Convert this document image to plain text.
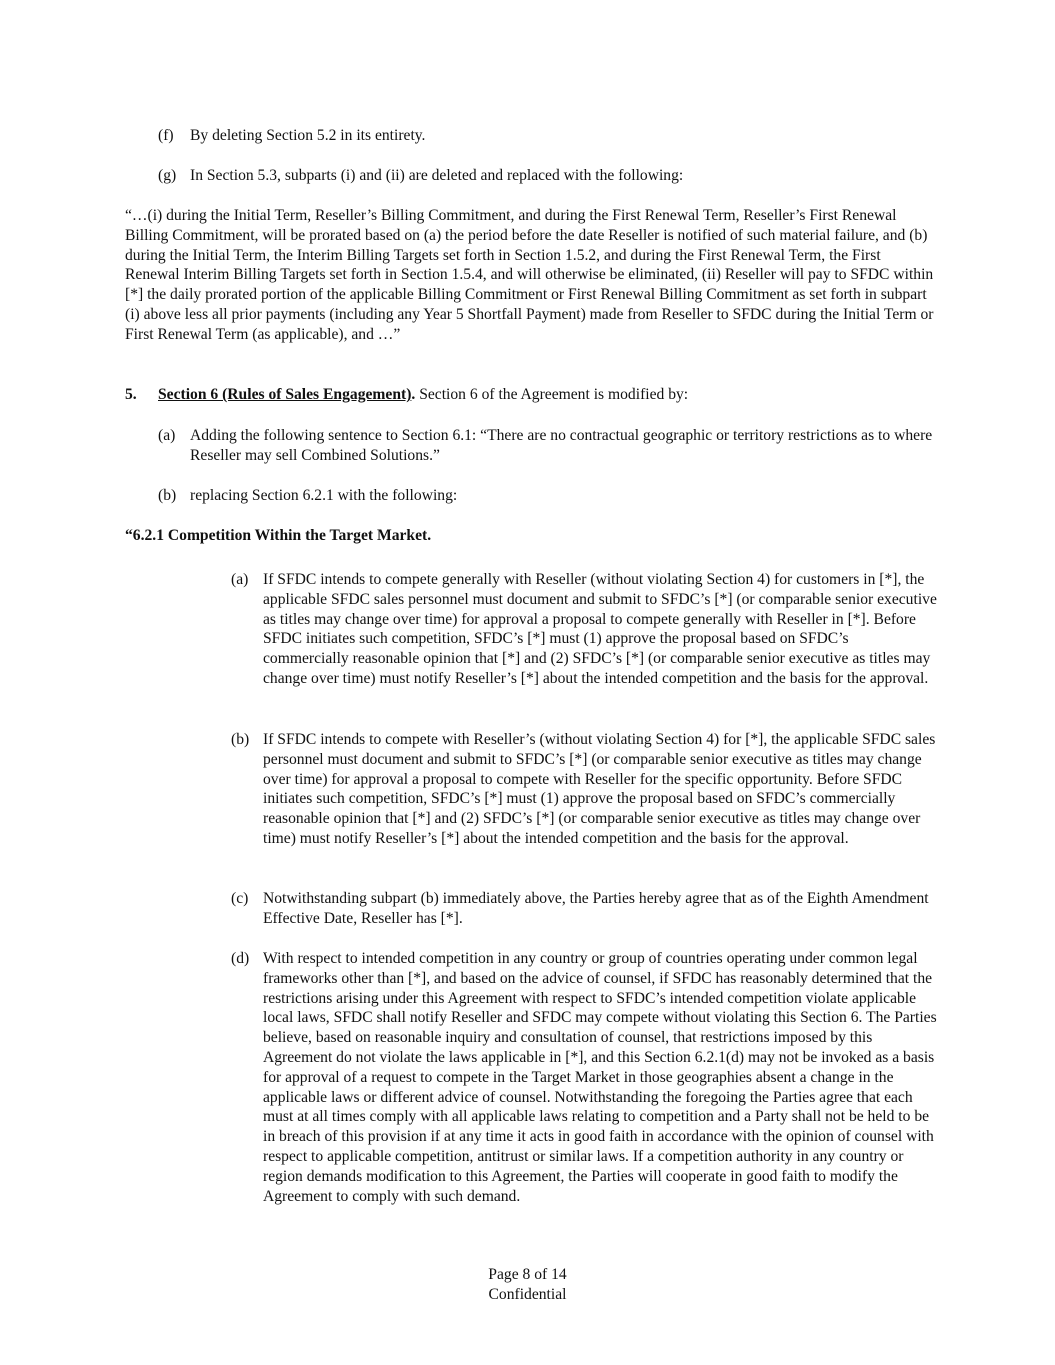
(f)	By deleting Section 5.2 in its entirety.
(g) In Section 5.3, subparts (i) and (ii) are deleted and replaced with the following:

“…(i) during the Initial Term, Reseller’s Billing Commitment, and during the First Renewal Term, Reseller’s First Renewal Billing Commitment, will be prorated based on (a) the period before the date Reseller is notified of such material failure, and (b) during the Initial Term, the Interim Billing Targets set forth in Section 1.5.2, and during the First Renewal Term, the First Renewal Interim Billing Targets set forth in Section 1.5.4, and will otherwise be eliminated, (ii) Reseller will pay to SFDC within [*] the daily prorated portion of the applicable Billing Commitment or First Renewal Billing Commitment as set forth in subpart (i) above less all prior payments (including any Year 5 Shortfall Payment) made from Reseller to SFDC during the Initial Term or First Renewal Term (as applicable), and …”

5.	Section 6 (Rules of Sales Engagement). Section 6 of the Agreement is modified by:
(a) Adding the following sentence to Section 6.1: “There are no contractual geographic or territory restrictions as to where Reseller may sell Combined Solutions.”
(b) replacing Section 6.2.1 with the following:

“6.2.1 Competition Within the Target Market.

(a) If SFDC intends to compete generally with Reseller (without violating Section 4) for customers in [*], the applicable SFDC sales personnel must document and submit to SFDC’s [*] (or comparable senior executive as titles may change over time) for approval a proposal to compete generally with Reseller in [*]. Before SFDC initiates such competition, SFDC’s [*] must (1) approve the proposal based on SFDC’s commercially reasonable opinion that [*] and (2) SFDC’s [*] (or comparable senior executive as titles may change over time) must notify Reseller’s [*] about the intended competition and the basis for the approval.
(b) If SFDC intends to compete with Reseller’s (without violating Section 4) for [*], the applicable SFDC sales personnel must document and submit to SFDC’s [*] (or comparable senior executive as titles may change over time) for approval a proposal to compete with Reseller for the specific opportunity. Before SFDC initiates such competition, SFDC’s [*] must (1) approve the proposal based on SFDC’s commercially reasonable opinion that [*] and (2) SFDC’s [*] (or comparable senior executive as titles may change over time) must notify Reseller’s [*] about the intended competition and the basis for the approval.
(c) Notwithstanding subpart (b) immediately above, the Parties hereby agree that as of the Eighth Amendment Effective Date, Reseller has [*].
(d) With respect to intended competition in any country or group of countries operating under common legal frameworks other than [*], and based on the advice of counsel, if SFDC has reasonably determined that the restrictions arising under this Agreement with respect to SFDC’s intended competition violate applicable local laws, SFDC shall notify Reseller and SFDC may compete without violating this Section 6. The Parties believe, based on reasonable inquiry and consultation of counsel, that restrictions imposed by this Agreement do not violate the laws applicable in [*], and this Section 6.2.1(d) may not be invoked as a basis for approval of a request to compete in the Target Market in those geographies absent a change in the applicable laws or different advice of counsel. Notwithstanding the foregoing the Parties agree that each must at all times comply with all applicable laws relating to competition and a Party shall not be held to be in breach of this provision if at any time it acts in good faith in accordance with the opinion of counsel with respect to applicable competition, antitrust or similar laws. If a competition authority in any country or region demands modification to this Agreement, the Parties will cooperate in good faith to modify the Agreement to comply with such demand.
Page 8 of 14
Confidential
